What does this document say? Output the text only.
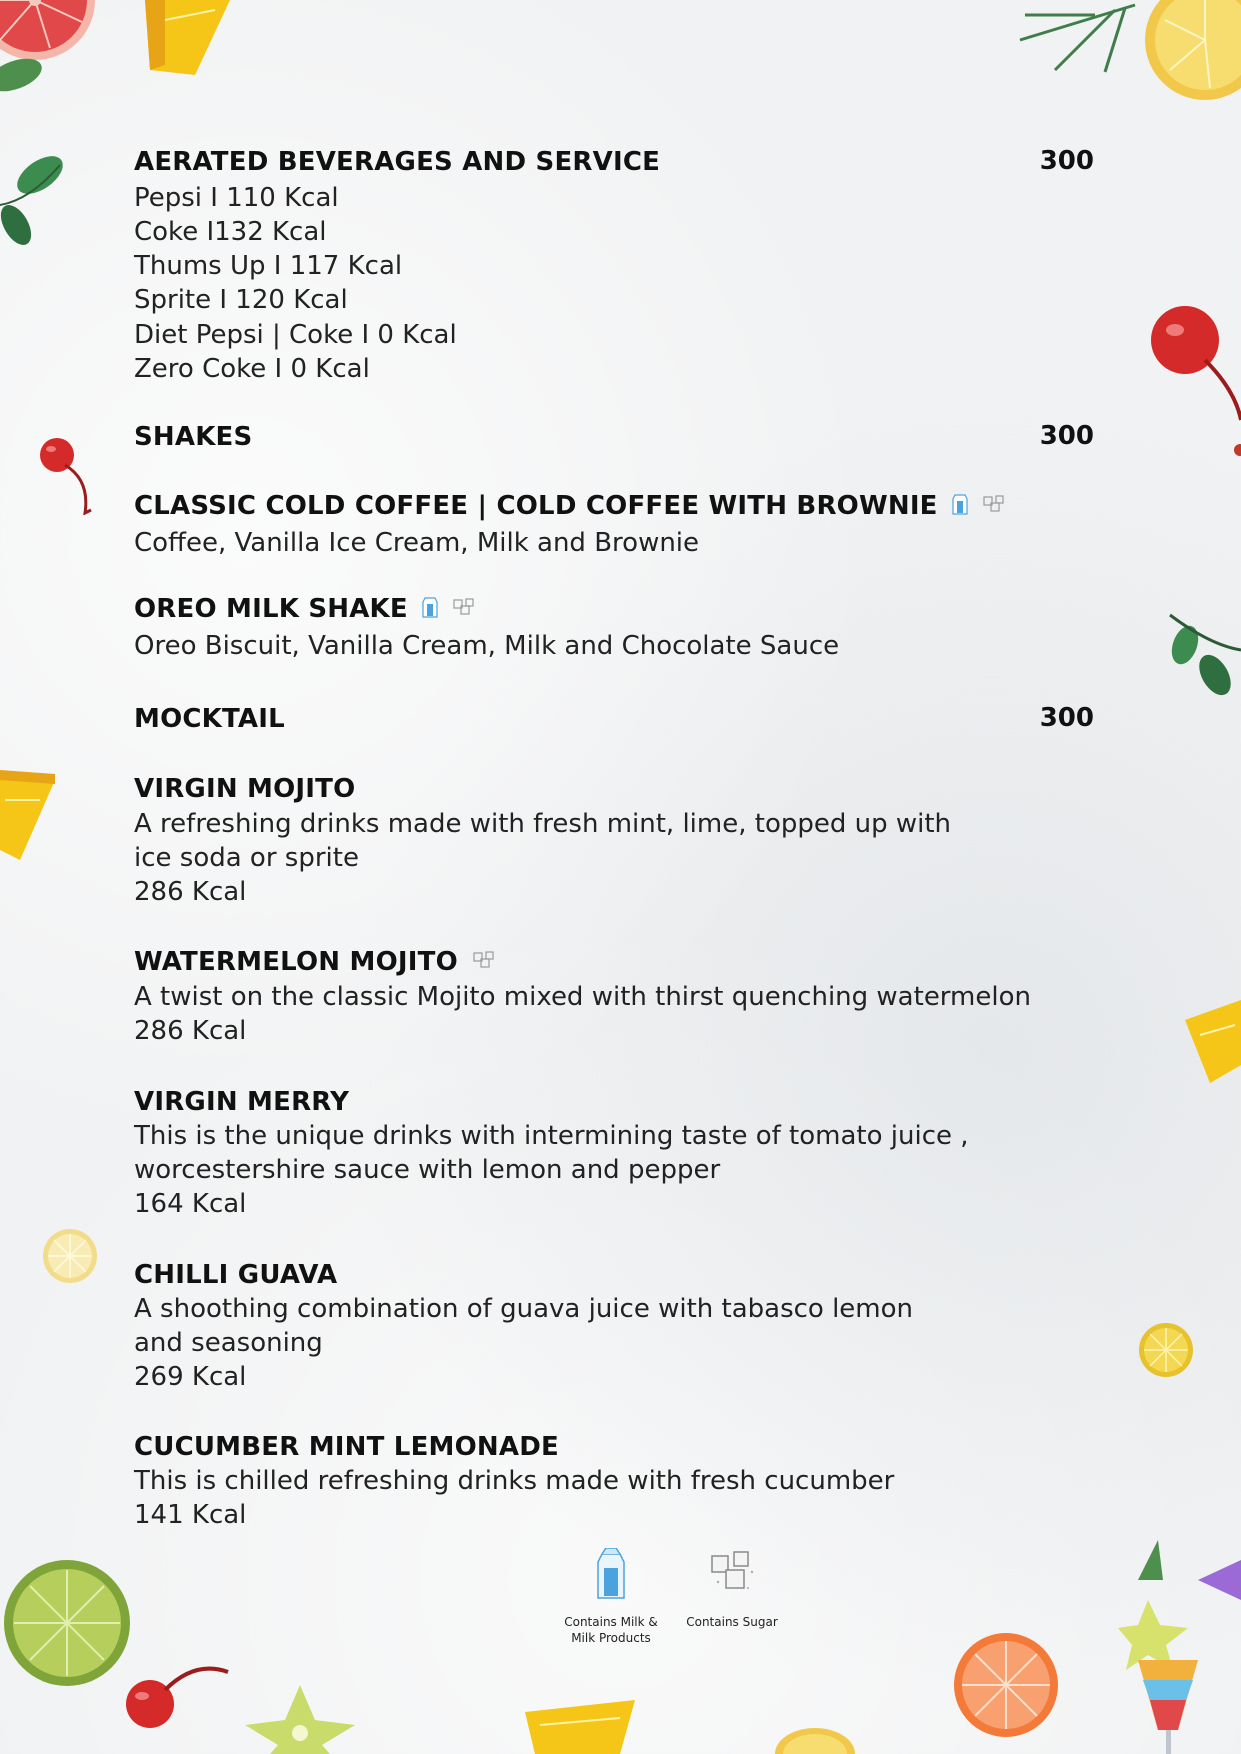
AERATED BEVERAGES AND SERVICE	300
Pepsi I 110 Kcal
Coke I132 Kcal
Thums Up I 117 Kcal
Sprite I 120 Kcal
Diet Pepsi | Coke I 0 Kcal
Zero Coke I 0 Kcal
SHAKES	300
CLASSIC COLD COFFEE | COLD COFFEE WITH BROWNIE
Coffee, Vanilla Ice Cream, Milk and Brownie
OREO MILK SHAKE
Oreo Biscuit, Vanilla Cream, Milk and Chocolate Sauce
MOCKTAIL	300
VIRGIN MOJITO
A refreshing drinks made with fresh mint, lime, topped up with
ice soda or sprite
286 Kcal
WATERMELON MOJITO
A twist on the classic Mojito mixed with thirst quenching watermelon
286 Kcal
VIRGIN MERRY
This is the unique drinks with intermining taste of tomato juice ,
worcestershire sauce with lemon and pepper
164 Kcal
CHILLI GUAVA
A shoothing combination of guava juice with tabasco lemon
and seasoning
269 Kcal
CUCUMBER MINT LEMONADE
This is chilled refreshing drinks made with fresh cucumber
141 Kcal
Contains Milk &
Milk Products
Contains Sugar
